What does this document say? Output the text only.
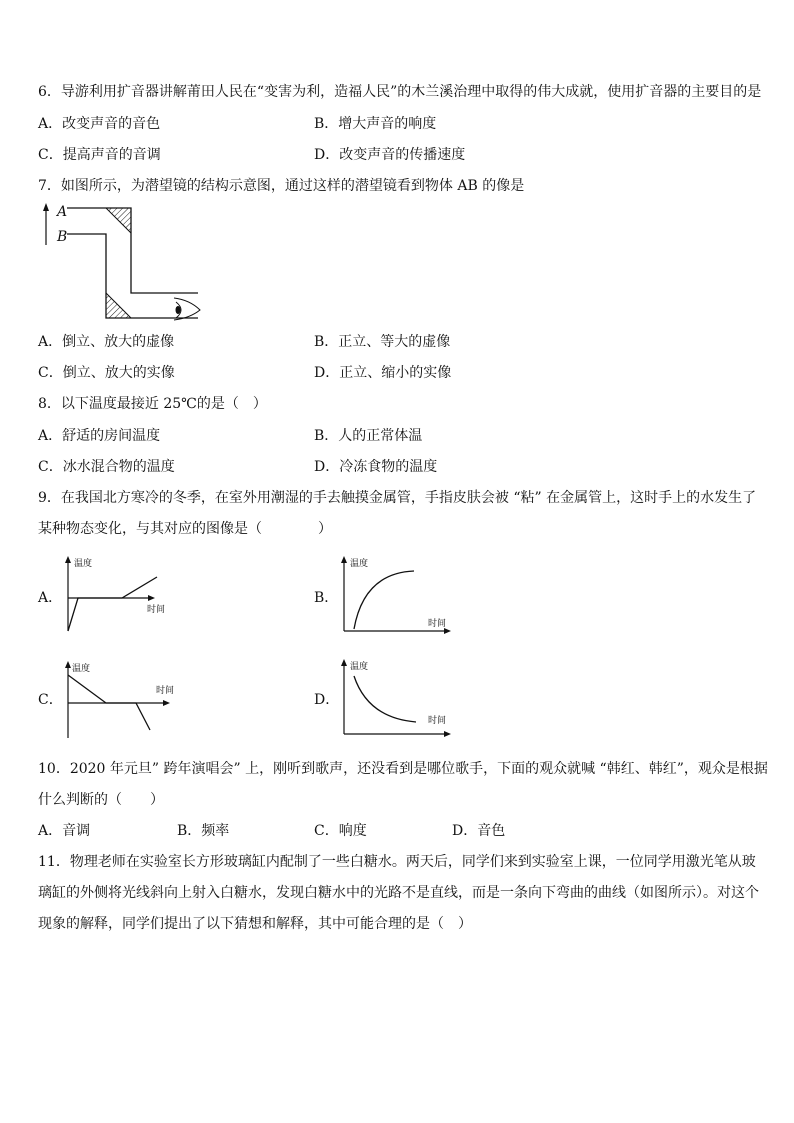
6．导游利用扩音器讲解莆田人民在“变害为利，造福人民”的木兰溪治理中取得的伟大成就，使用扩音器的主要目的是
A．改变声音的音色	B．增大声音的响度
C．提高声音的音调	D．改变声音的传播速度
7．如图所示，为潜望镜的结构示意图，通过这样的潜望镜看到物体 AB 的像是
A
B
A．倒立、放大的虚像	B．正立、等大的虚像
C．倒立、放大的实像	D．正立、缩小的实像
8．以下温度最接近 25℃的是（　）
A．舒适的房间温度	B．人的正常体温
C．冰水混合物的温度	D．冷冻食物的温度
9．在我国北方寒冷的冬季，在室外用潮湿的手去触摸金属管，手指皮肤会被 “粘” 在金属管上，这时手上的水发生了
某种物态变化，与其对应的图像是（　　　　）
A．
温度
时间
B．
温度
时间
C．
温度
时间
D．
温度
时间
10．2020 年元旦” 跨年演唱会” 上，刚听到歌声，还没看到是哪位歌手，下面的观众就喊 “韩红、韩红”，观众是根据
什么判断的（　　）
A．音调	B．频率	C．响度	D．音色
11．物理老师在实验室长方形玻璃缸内配制了一些白糖水。两天后，同学们来到实验室上课，一位同学用激光笔从玻
璃缸的外侧将光线斜向上射入白糖水，发现白糖水中的光路不是直线，而是一条向下弯曲的曲线（如图所示）。对这个
现象的解释，同学们提出了以下猜想和解释，其中可能合理的是（　）
